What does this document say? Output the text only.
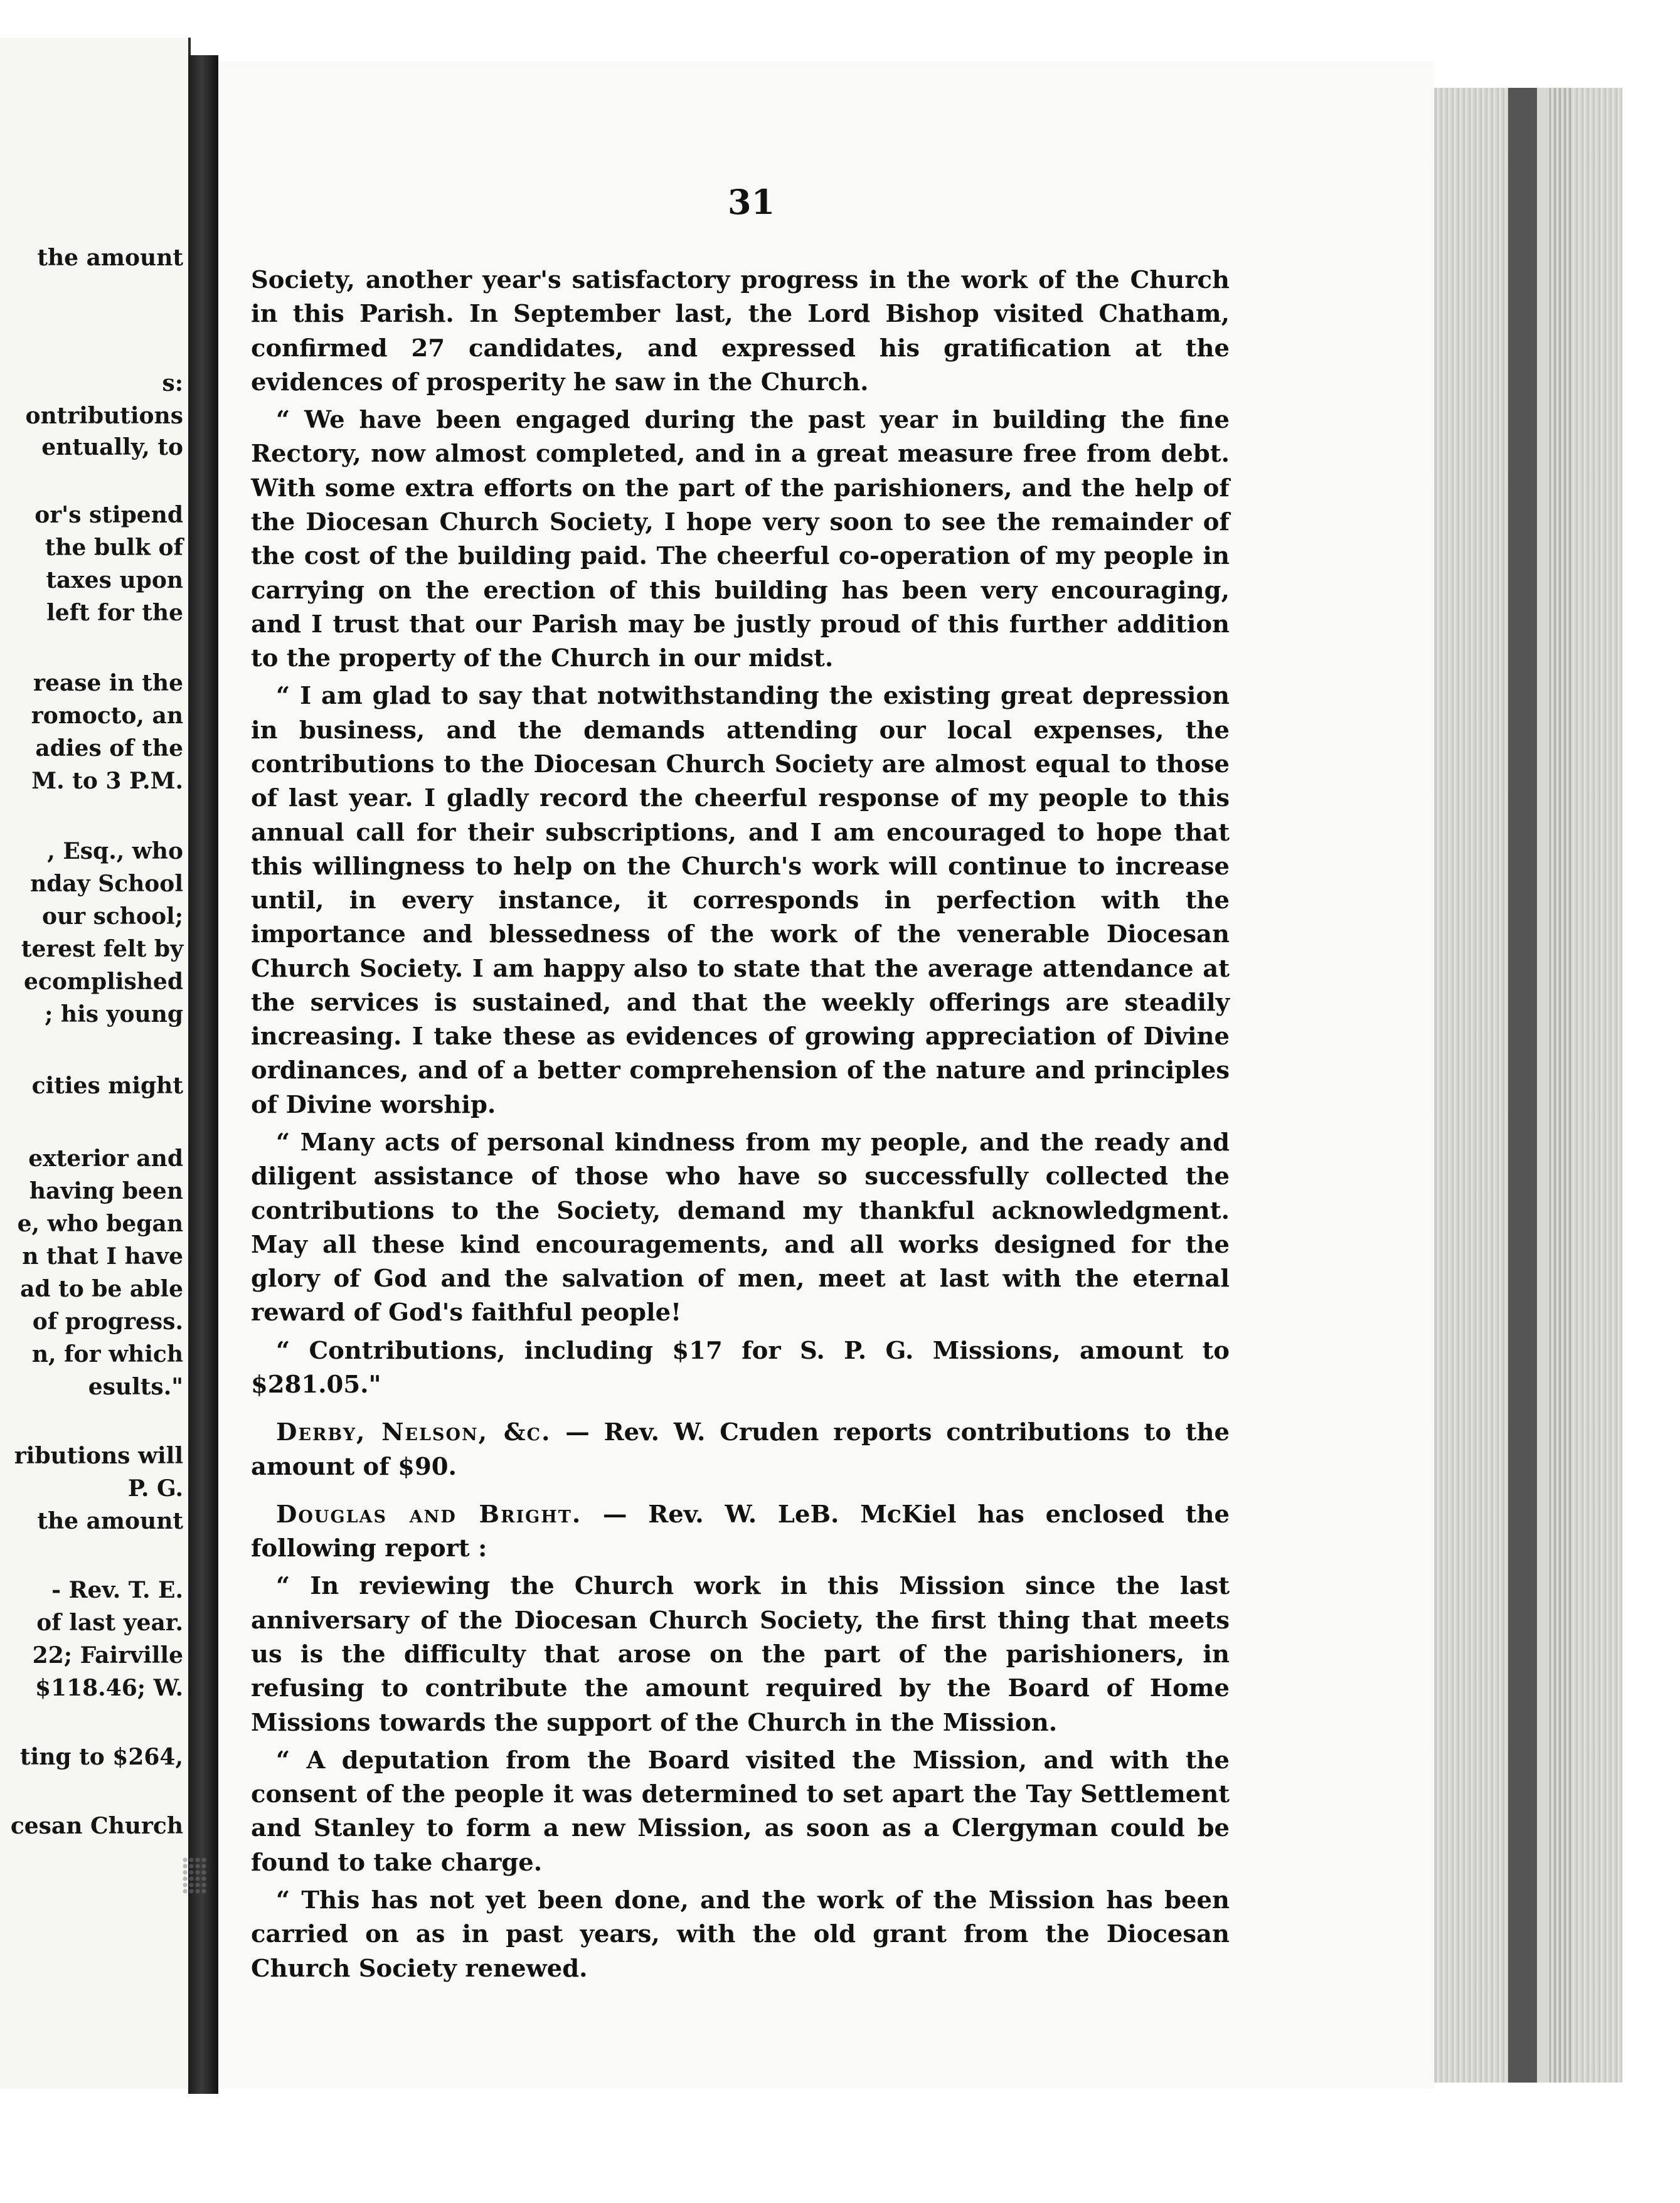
the amount
s:
ontributions
entually, to
or's stipend
the bulk of
taxes upon
left for the
rease in the
romocto, an
adies of the
M. to 3 P.M.
, Esq., who
nday School
our school;
terest felt by
ecomplished
; his young
cities might
exterior and
having been
e, who began
n that I have
ad to be able
of progress.
n, for which
esults."
ributions will
P. G.
the amount
- Rev. T. E.
of last year.
22; Fairville
$118.46; W.
ting to $264,
cesan Church
31

Society, another year's satisfactory progress in the work of the Church in this Parish. In September last, the Lord Bishop visited Chatham, confirmed 27 candidates, and expressed his gratification at the evidences of prosperity he saw in the Church.

“ We have been engaged during the past year in building the fine Rectory, now almost completed, and in a great measure free from debt. With some extra efforts on the part of the parishioners, and the help of the Diocesan Church Society, I hope very soon to see the remainder of the cost of the building paid. The cheerful co-operation of my people in carrying on the erection of this building has been very encouraging, and I trust that our Parish may be justly proud of this further addition to the property of the Church in our midst.

“ I am glad to say that notwithstanding the existing great depression in business, and the demands attending our local expenses, the contributions to the Diocesan Church Society are almost equal to those of last year. I gladly record the cheerful response of my people to this annual call for their subscriptions, and I am encouraged to hope that this willingness to help on the Church's work will continue to increase until, in every instance, it corresponds in perfection with the importance and blessedness of the work of the venerable Diocesan Church Society. I am happy also to state that the average attendance at the services is sustained, and that the weekly offerings are steadily increasing. I take these as evidences of growing appreciation of Divine ordinances, and of a better comprehension of the nature and principles of Divine worship.

“ Many acts of personal kindness from my people, and the ready and diligent assistance of those who have so successfully collected the contributions to the Society, demand my thankful acknowledgment. May all these kind encouragements, and all works designed for the glory of God and the salvation of men, meet at last with the eternal reward of God's faithful people!

“ Contributions, including $17 for S. P. G. Missions, amount to $281.05."

Derby, Nelson, &c. — Rev. W. Cruden reports contributions to the amount of $90.

Douglas and Bright. — Rev. W. LeB. McKiel has enclosed the following report :

“ In reviewing the Church work in this Mission since the last anniversary of the Diocesan Church Society, the first thing that meets us is the difficulty that arose on the part of the parishioners, in refusing to contribute the amount required by the Board of Home Missions towards the support of the Church in the Mission.

“ A deputation from the Board visited the Mission, and with the consent of the people it was determined to set apart the Tay Settlement and Stanley to form a new Mission, as soon as a Clergyman could be found to take charge.

“ This has not yet been done, and the work of the Mission has been carried on as in past years, with the old grant from the Diocesan Church Society renewed.
